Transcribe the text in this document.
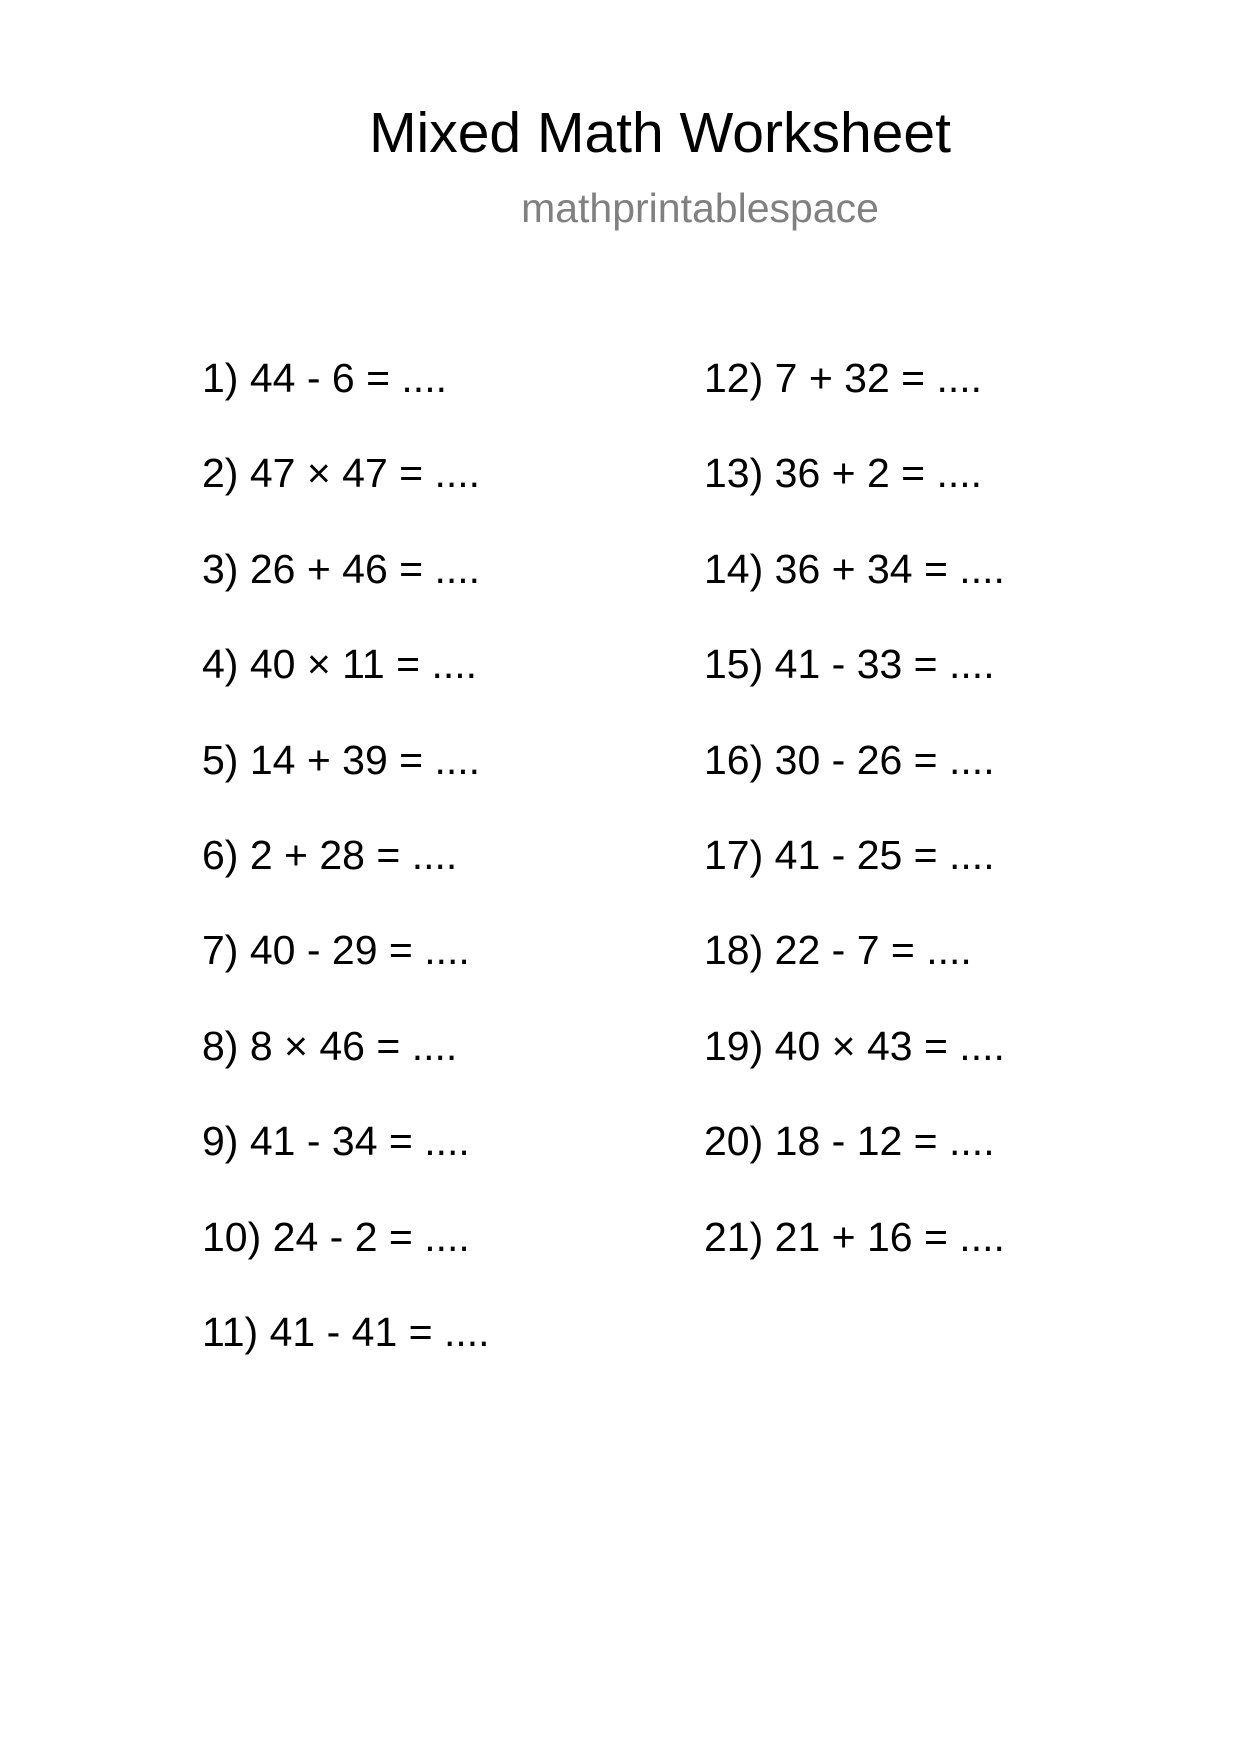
Mixed Math Worksheet
mathprintablespace
1) 44 - 6 = ....
2) 47 × 47 = ....
3) 26 + 46 = ....
4) 40 × 11 = ....
5) 14 + 39 = ....
6) 2 + 28 = ....
7) 40 - 29 = ....
8) 8 × 46 = ....
9) 41 - 34 = ....
10) 24 - 2 = ....
11) 41 - 41 = ....
12) 7 + 32 = ....
13) 36 + 2 = ....
14) 36 + 34 = ....
15) 41 - 33 = ....
16) 30 - 26 = ....
17) 41 - 25 = ....
18) 22 - 7 = ....
19) 40 × 43 = ....
20) 18 - 12 = ....
21) 21 + 16 = ....
